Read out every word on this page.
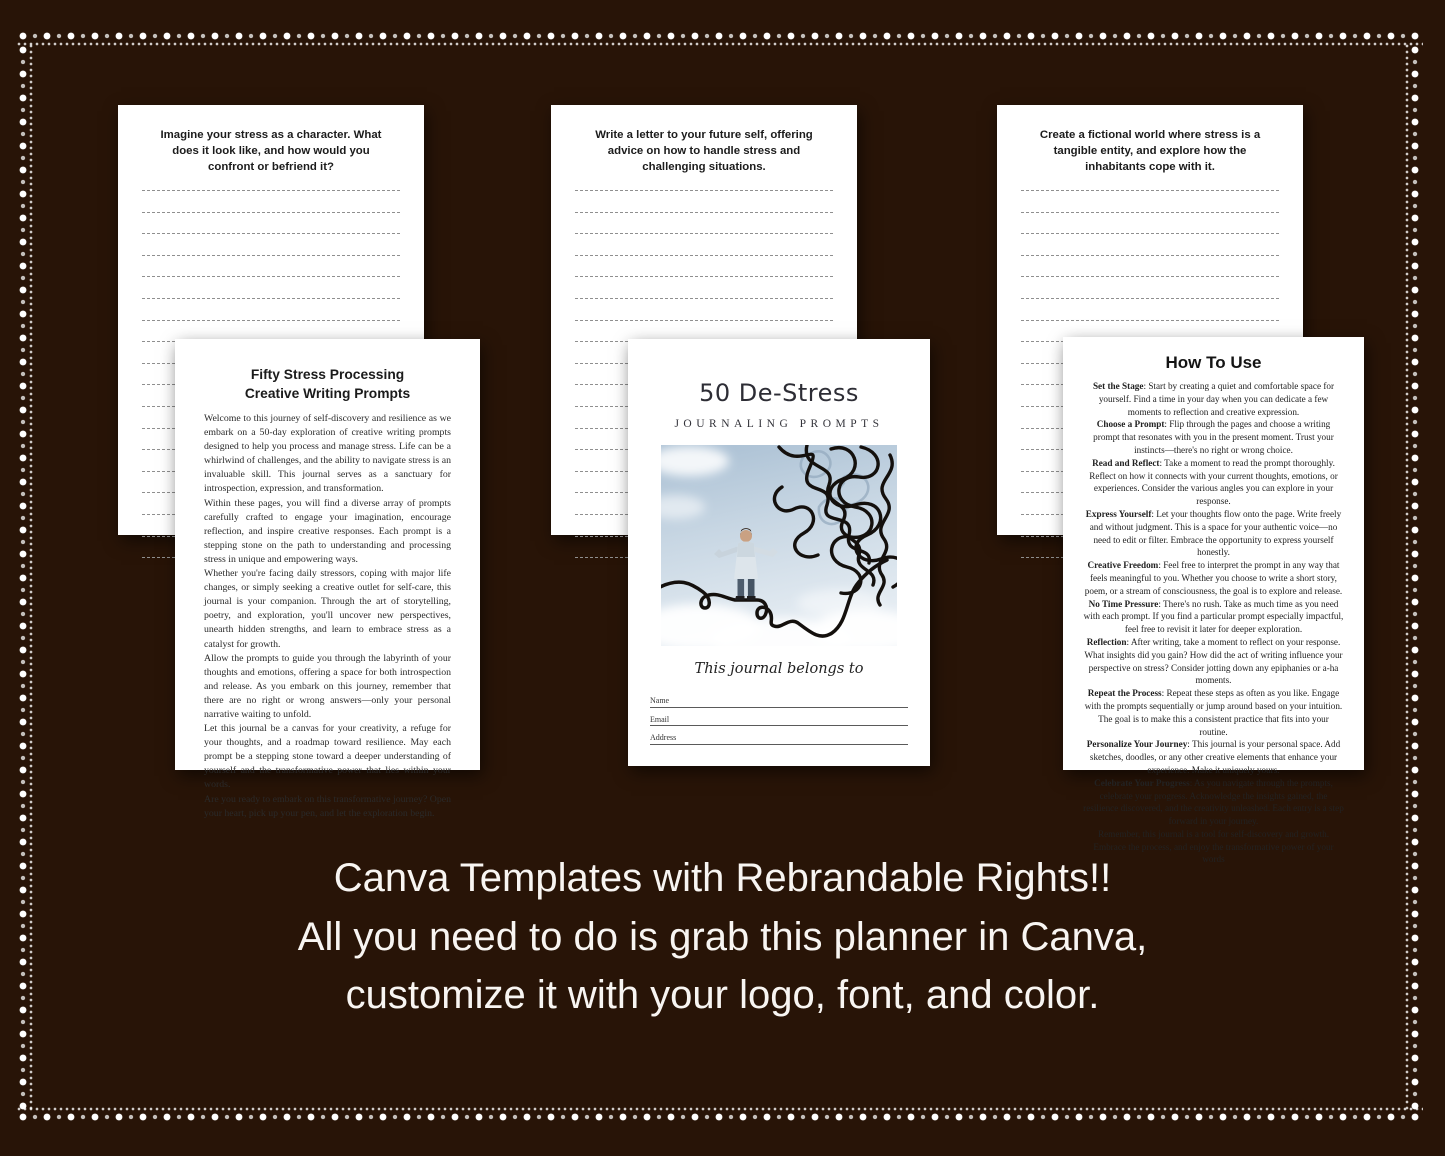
Imagine your stress as a character. What does it look like, and how would you confront or befriend it?
Write a letter to your future self, offering advice on how to handle stress and challenging situations.
Create a fictional world where stress is a tangible entity, and explore how the inhabitants cope with it.
Fifty Stress Processing
Creative Writing Prompts

Welcome to this journey of self-discovery and resilience as we embark on a 50-day exploration of creative writing prompts designed to help you process and manage stress. Life can be a whirlwind of challenges, and the ability to navigate stress is an invaluable skill. This journal serves as a sanctuary for introspection, expression, and transformation.

Within these pages, you will find a diverse array of prompts carefully crafted to engage your imagination, encourage reflection, and inspire creative responses. Each prompt is a stepping stone on the path to understanding and processing stress in unique and empowering ways.

Whether you're facing daily stressors, coping with major life changes, or simply seeking a creative outlet for self-care, this journal is your companion. Through the art of storytelling, poetry, and exploration, you'll uncover new perspectives, unearth hidden strengths, and learn to embrace stress as a catalyst for growth.

Allow the prompts to guide you through the labyrinth of your thoughts and emotions, offering a space for both introspection and release. As you embark on this journey, remember that there are no right or wrong answers—only your personal narrative waiting to unfold.

Let this journal be a canvas for your creativity, a refuge for your thoughts, and a roadmap toward resilience. May each prompt be a stepping stone toward a deeper understanding of yourself and the transformative power that lies within your words.

Are you ready to embark on this transformative journey? Open your heart, pick up your pen, and let the exploration begin.

50 De-Stress
JOURNALING PROMPTS
This journal belongs to
Name
Email
Address
How To Use
Set the Stage: Start by creating a quiet and comfortable space for yourself. Find a time in your day when you can dedicate a few moments to reflection and creative expression.
Choose a Prompt: Flip through the pages and choose a writing prompt that resonates with you in the present moment. Trust your instincts—there's no right or wrong choice.
Read and Reflect: Take a moment to read the prompt thoroughly. Reflect on how it connects with your current thoughts, emotions, or experiences. Consider the various angles you can explore in your response.
Express Yourself: Let your thoughts flow onto the page. Write freely and without judgment. This is a space for your authentic voice—no need to edit or filter. Embrace the opportunity to express yourself honestly.
Creative Freedom: Feel free to interpret the prompt in any way that feels meaningful to you. Whether you choose to write a short story, poem, or a stream of consciousness, the goal is to explore and release.
No Time Pressure: There's no rush. Take as much time as you need with each prompt. If you find a particular prompt especially impactful, feel free to revisit it later for deeper exploration.
Reflection: After writing, take a moment to reflect on your response. What insights did you gain? How did the act of writing influence your perspective on stress? Consider jotting down any epiphanies or a-ha moments.
Repeat the Process: Repeat these steps as often as you like. Engage with the prompts sequentially or jump around based on your intuition. The goal is to make this a consistent practice that fits into your routine.
Personalize Your Journey: This journal is your personal space. Add sketches, doodles, or any other creative elements that enhance your experience. Make it uniquely yours.
Celebrate Your Progress: As you navigate through the prompts, celebrate your progress. Acknowledge the insights gained, the resilience discovered, and the creativity unleashed. Each entry is a step forward in your journey.

Remember, this journal is a tool for self-discovery and growth. Embrace the process, and enjoy the transformative power of your words

Canva Templates with Rebrandable Rights!!
All you need to do is grab this planner in Canva,
customize it with your logo, font, and color.
